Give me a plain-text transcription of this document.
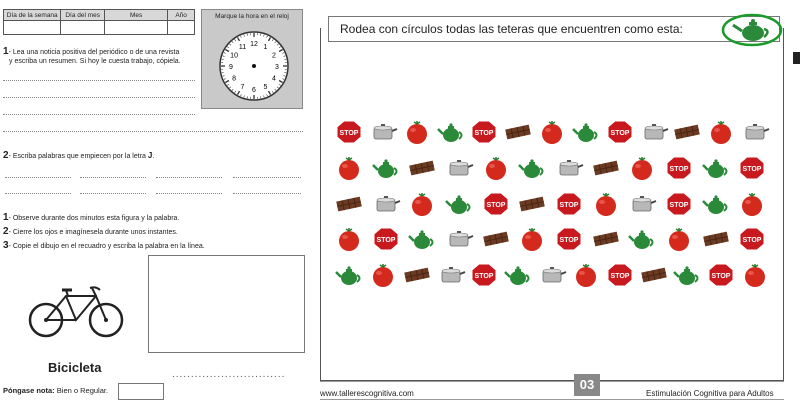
Día de la semana	Día del mes	Mes	Año	Marque la hora en el reloj
12 1
2
3
4
5
6
7
8
9
10
11
1- Lea una noticia positiva del periódico o de una revista
y escriba un resumen. Si hoy le cuesta trabajo, cópiela.
2- Escriba palabras que empiecen por la letra J.
1- Observe durante dos minutos esta figura y la palabra.
2- Cierre los ojos e imagínesela durante unos instantes.
3- Copie el dibujo en el recuadro y escriba la palabra en la línea.
Bicicleta	..............................
Póngase nota: Bien o Regular.
Rodea con círculos todas las teteras que encuentren como esta:
STOP	STOP	STOP
STOP	STOP
STOP	STOP	STOP
STOP	STOP	STOP
STOP	STOP	STOP
www.tallerescognitiva.com
03
Estimulación Cognitiva para Adultos
